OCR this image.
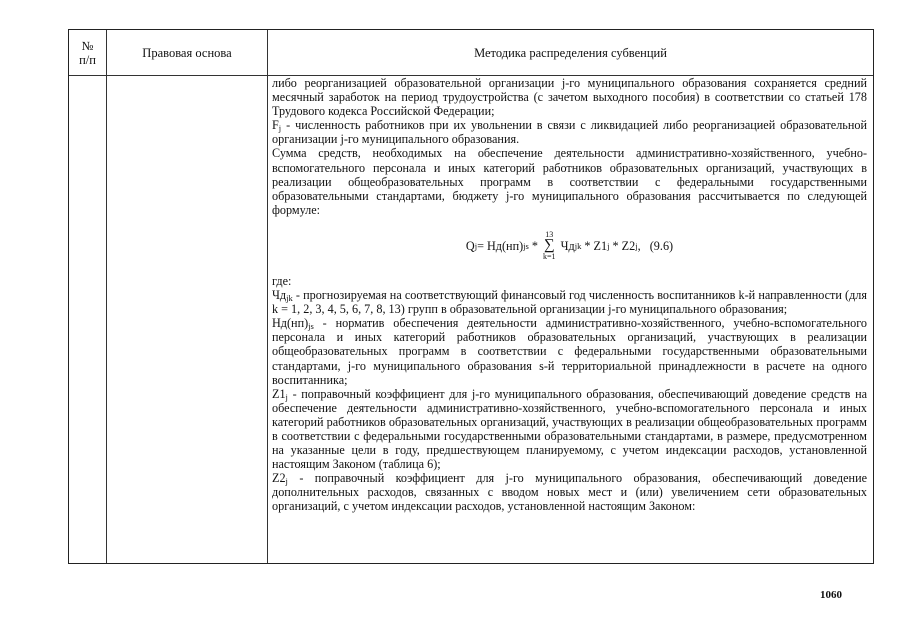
№
п/п	Правовая основа	Методика распределения субвенций

либо реорганизацией образовательной организации j-го муниципального образования сохраняется средний месячный заработок на период трудоустройства (с зачетом выходного пособия) в соответствии со статьей 178 Трудового кодекса Российской Федерации;

$F_j$ - численность работников при их увольнении в связи с ликвидацией либо реорганизацией образовательной организации j-го муниципального образования.

Сумма средств, необходимых на обеспечение деятельности административно-хозяйственного, учебно-вспомогательного персонала и иных категорий работников образовательных организаций, участвующих в реализации общеобразовательных программ в соответствии с федеральными государственными образовательными стандартами, бюджету j-го муниципального образования рассчитывается по следующей формуле:

Q j = Нд(нп) js *
13
∑
k=1
Чд jk * Z1 j * Z2 j ,   (9.6)

где:

$Чд_{jk}$ - прогнозируемая на соответствующий финансовый год численность воспитанников k-й направленности (для k = 1, 2, 3, 4, 5, 6, 7, 8, 13) групп в образовательной организации j-го муниципального образования;

$Нд(нп)_{js}$ - норматив обеспечения деятельности административно-хозяйственного, учебно-вспомогательного персонала и иных категорий работников образовательных организаций, участвующих в реализации общеобразовательных программ в соответствии с федеральными государственными образовательными стандартами, j-го муниципального образования s-й территориальной принадлежности в расчете на одного воспитанника;

$Z1_j$ - поправочный коэффициент для j-го муниципального образования, обеспечивающий доведение средств на обеспечение деятельности административно-хозяйственного, учебно-вспомогательного персонала и иных категорий работников образовательных организаций, участвующих в реализации общеобразовательных программ в соответствии с федеральными государственными образовательными стандартами, в размере, предусмотренном на указанные цели в году, предшествующем планируемому, с учетом индексации расходов, установленной настоящим Законом (таблица 6);

$Z2_j$ - поправочный коэффициент для j-го муниципального образования, обеспечивающий доведение дополнительных расходов, связанных с вводом новых мест и (или) увеличением сети образовательных организаций, с учетом индексации расходов, установленной настоящим Законом:

1060
